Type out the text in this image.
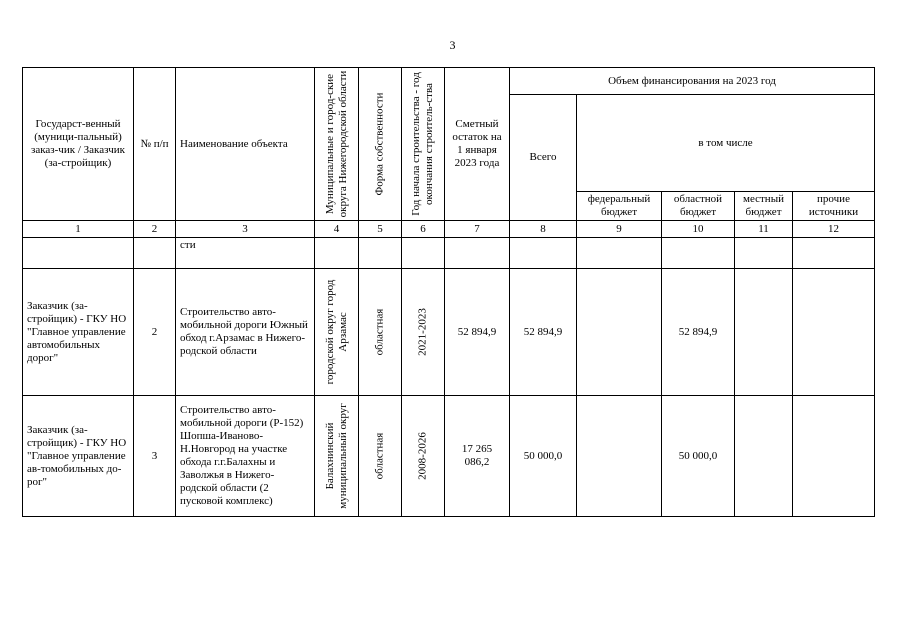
3
Государст-венный (муници-пальный) заказ-чик / Заказчик (за-стройщик)	№ п/п	Наименование объекта	Муниципальные и город-ские округа Нижегородской области	Форма собственности	Год начала строительства - год окончания строитель-ства	Сметный остаток на 1 января 2023 года	Объем финансирования на 2023 год				
							Всего	в том числе			
								федеральный бюджет	областной бюджет	местный бюджет	прочие источники
1	2	3	4	5	6	7	8	9	10	11	12
		сти									
Заказчик (за-стройщик) - ГКУ НО "Главное управление автомобильных дорог"	2	Строительство авто-мобильной дороги Южный обход г.Арзамас в Нижего-родской области	городской округ город Арзамас	областная	2021-2023	52 894,9	52 894,9		52 894,9		
Заказчик (за-стройщик) - ГКУ НО "Главное управление ав-томобильных до-рог"	3	Строительство авто-мобильной дороги (Р-152) Шопша-Иваново-Н.Новгород на участке обхода г.г.Балахны и Заволжья в Нижего-родской области (2 пусковой комплекс)	Балахнинский муниципальный округ	областная	2008-2026	17 265 086,2	50 000,0		50 000,0		
